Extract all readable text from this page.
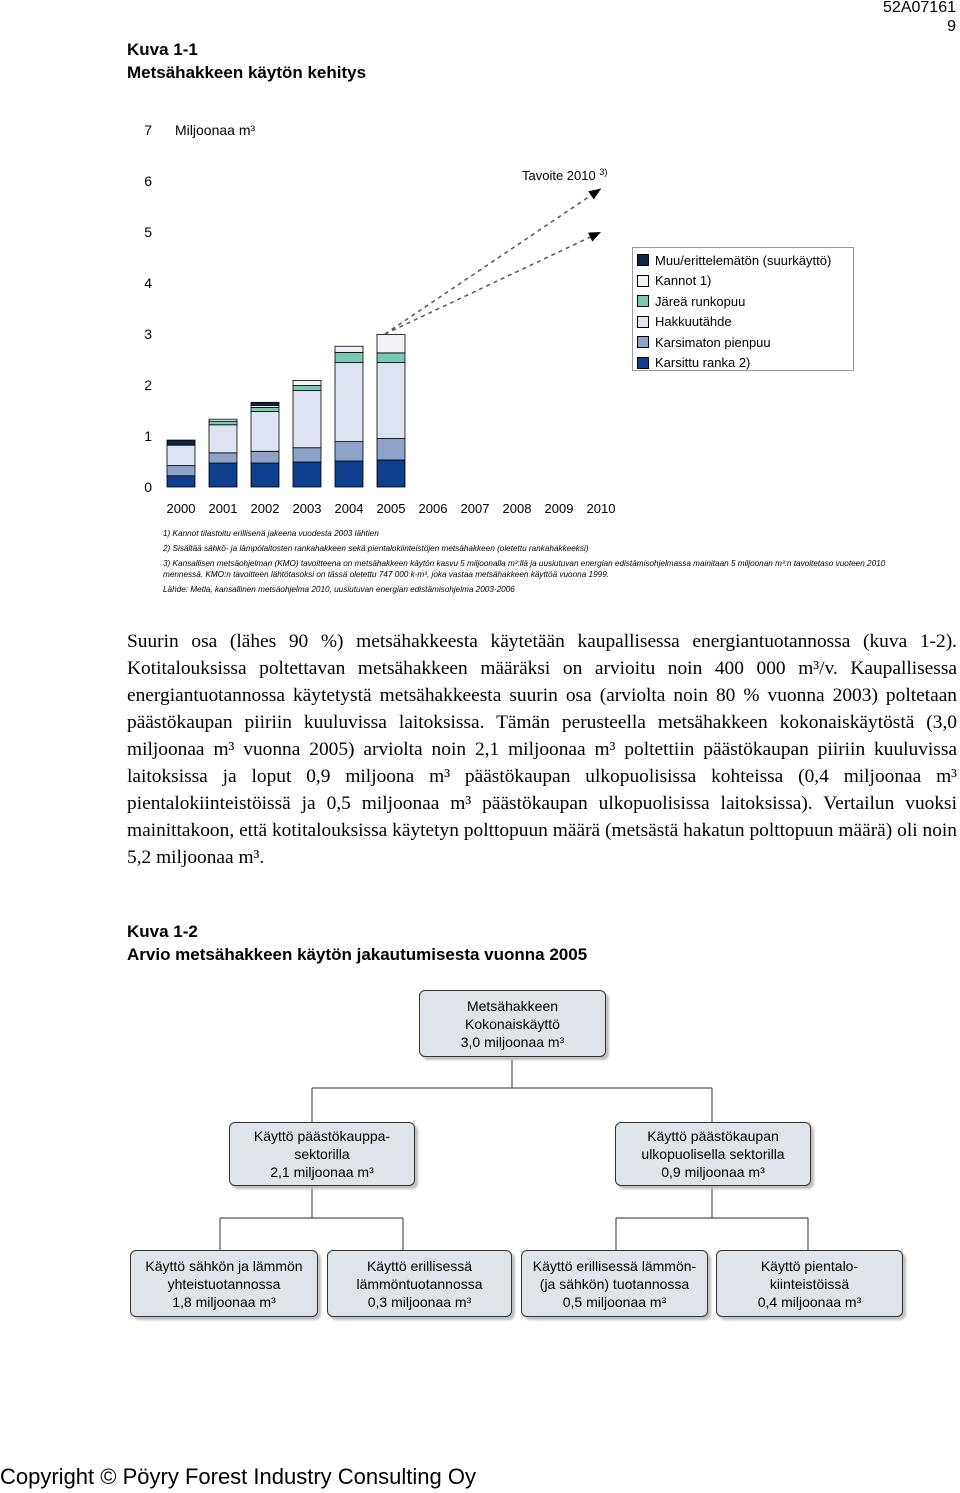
52A07161
9
Kuva 1-1
Metsähakkeen käytön kehitys
0
1
2
3
4
5
6
7 Miljoonaa m³
2000 2001 2002 2003 2004 2005 2006 2007 2008 2009 2010
Tavoite 2010 $^{3)}$
Muu/erittelemätön (suurkäyttö)
Kannot 1)
Järeä runkopuu
Hakkuutähde
Karsimaton pienpuu
Karsittu ranka 2)
1) Kannot tilastoitu erillisenä jakeena vuodesta 2003 lähtien
2) Sisältää sähkö- ja lämpölaitosten rankahakkeen sekä pientalokiinteistöjen metsähakkeen (oletettu rankahakkeeksi)
3) Kansallisen metsäohjelman (KMO) tavoitteena on metsähakkeen käytön kasvu 5 miljoonalla m³:llä ja uusiutuvan energian edistämisohjelmassa mainitaan 5 miljoonan m³:n tavoitetaso vuoteen 2010 mennessä. KMO:n tavoitteen lähtötasoksi on tässä oletettu 747 000 k-m³, joka vastaa metsähakkeen käyttöä vuonna 1999.
Lähde: Metla, kansallinen metsäohjelma 2010, uusiutuvan energian edistämisohjelma 2003-2006
Suurin osa (lähes 90 %) metsähakkeesta käytetään kaupallisessa energiantuotannossa (kuva 1-2). Kotitalouksissa poltettavan metsähakkeen määräksi on arvioitu noin 400 000 m³/v. Kaupallisessa energiantuotannossa käytetystä metsähakkeesta suurin osa (arviolta noin 80 % vuonna 2003) poltetaan päästökaupan piiriin kuuluvissa laitoksissa. Tämän perusteella metsähakkeen kokonaiskäytöstä (3,0 miljoonaa m³ vuonna 2005) arviolta noin 2,1 miljoonaa m³ poltettiin päästökaupan piiriin kuuluvissa laitoksissa ja loput 0,9 miljoona m³ päästökaupan ulkopuolisissa kohteissa (0,4 miljoonaa m³ pientalokiinteistöissä ja 0,5 miljoonaa m³ päästökaupan ulkopuolisissa laitoksissa). Vertailun vuoksi mainittakoon, että kotitalouksissa käytetyn polttopuun määrä (metsästä hakatun polttopuun määrä) oli noin 5,2 miljoonaa m³.
Kuva 1-2
Arvio metsähakkeen käytön jakautumisesta vuonna 2005
Metsähakkeen
Kokonaiskäyttö
3,0 miljoonaa m³
Käyttö päästökauppa-
sektorilla
2,1 miljoonaa m³
Käyttö päästökaupan
ulkopuolisella sektorilla
0,9 miljoonaa m³
Käyttö sähkön ja lämmön
yhteistuotannossa
1,8 miljoonaa m³
Käyttö erillisessä
lämmöntuotannossa
0,3 miljoonaa m³
Käyttö erillisessä lämmön-
(ja sähkön) tuotannossa
0,5 miljoonaa m³
Käyttö pientalo-
kiinteistöissä
0,4 miljoonaa m³
Copyright © Pöyry Forest Industry Consulting Oy
